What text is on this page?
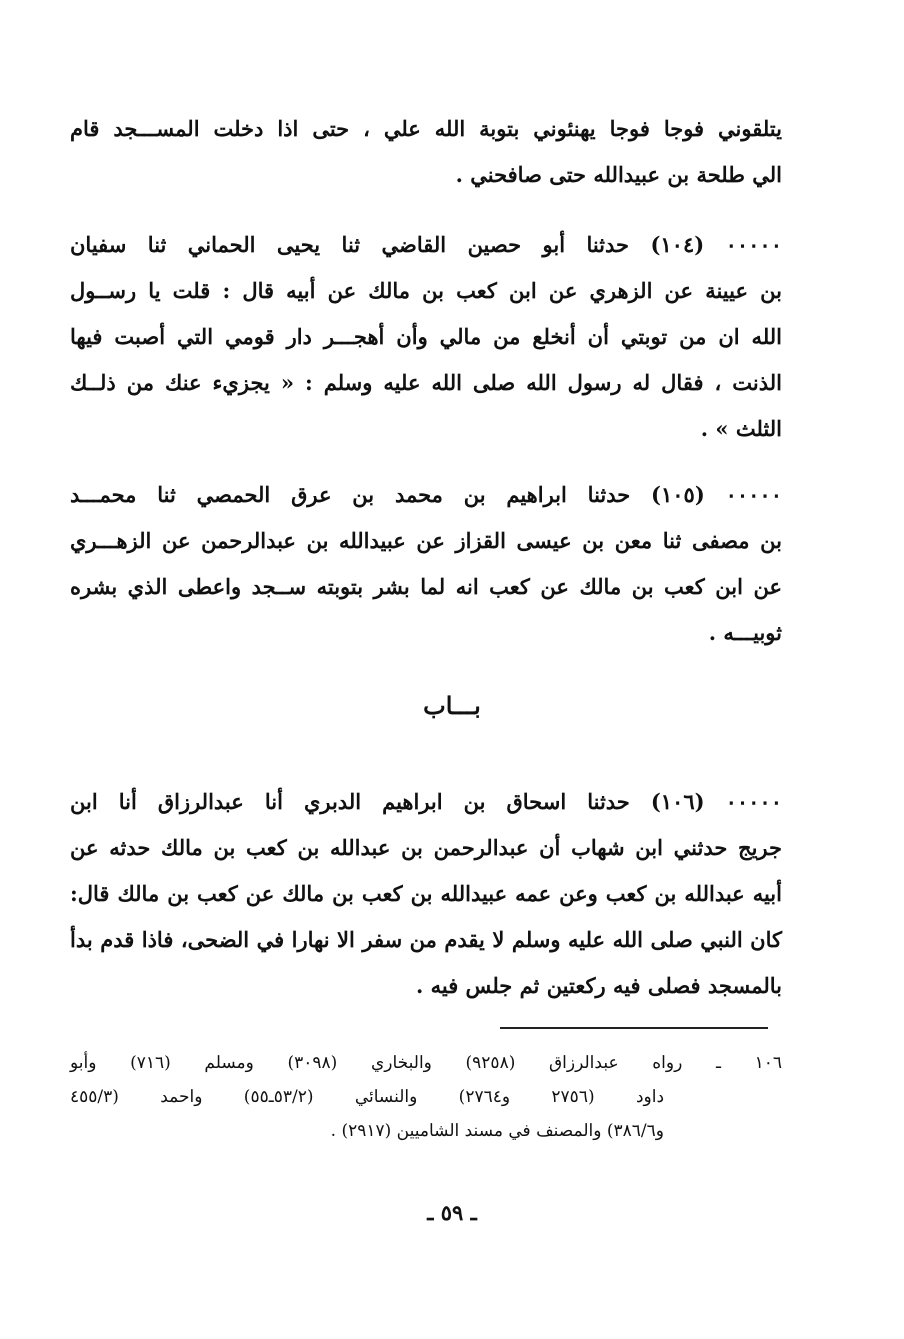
يتلقوني فوجا فوجا يهنئوني بتوبة الله علي ، حتى اذا دخلت المســـجد قام
الي طلحة بن عبيدالله حتى صافحني .
٠٠٠٠٠ (١٠٤) حدثنا أبو حصين القاضي ثنا يحيى الحماني ثنا سفيان
بن عيينة عن الزهري عن ابن كعب بن مالك عن أبيه قال : قلت يا رســول
الله ان من توبتي أن أنخلع من مالي وأن أهجـــر دار قومي التي أصبت فيها
الذنت ، فقال له رسول الله صلى الله عليه وسلم : « يجزيء عنك من ذلــك
الثلث » .
٠٠٠٠٠ (١٠٥) حدثنا ابراهيم بن محمد بن عرق الحمصي ثنا محمـــد
بن مصفى ثنا معن بن عيسى القزاز عن عبيدالله بن عبدالرحمن عن الزهـــري
عن ابن كعب بن مالك عن كعب انه لما بشر بتوبته ســجد واعطى الذي بشره
ثوبيـــه .
بـــاب
٠٠٠٠٠ (١٠٦) حدثنا اسحاق بن ابراهيم الدبري أنا عبدالرزاق أنا ابن
جريج حدثني ابن شهاب أن عبدالرحمن بن عبدالله بن كعب بن مالك حدثه عن
أبيه عبدالله بن كعب وعن عمه عبيدالله بن كعب بن مالك عن كعب بن مالك قال:
كان النبي صلى الله عليه وسلم لا يقدم من سفر الا نهارا في الضحى، فاذا قدم بدأ
بالمسجد فصلى فيه ركعتين ثم جلس فيه .
١٠٦ ـ رواه عبدالرزاق (٩٢٥٨) والبخاري (٣٠٩٨) ومسلم (٧١٦) وأبو
داود (٢٧٥٦ و٢٧٦٤) والنسائي (٥٣/٢ـ٥٥) واحمد (٤٥٥/٣
و٣٨٦/٦) والمصنف في مسند الشاميين (٢٩١٧) .
ـ ٥٩ ـ
